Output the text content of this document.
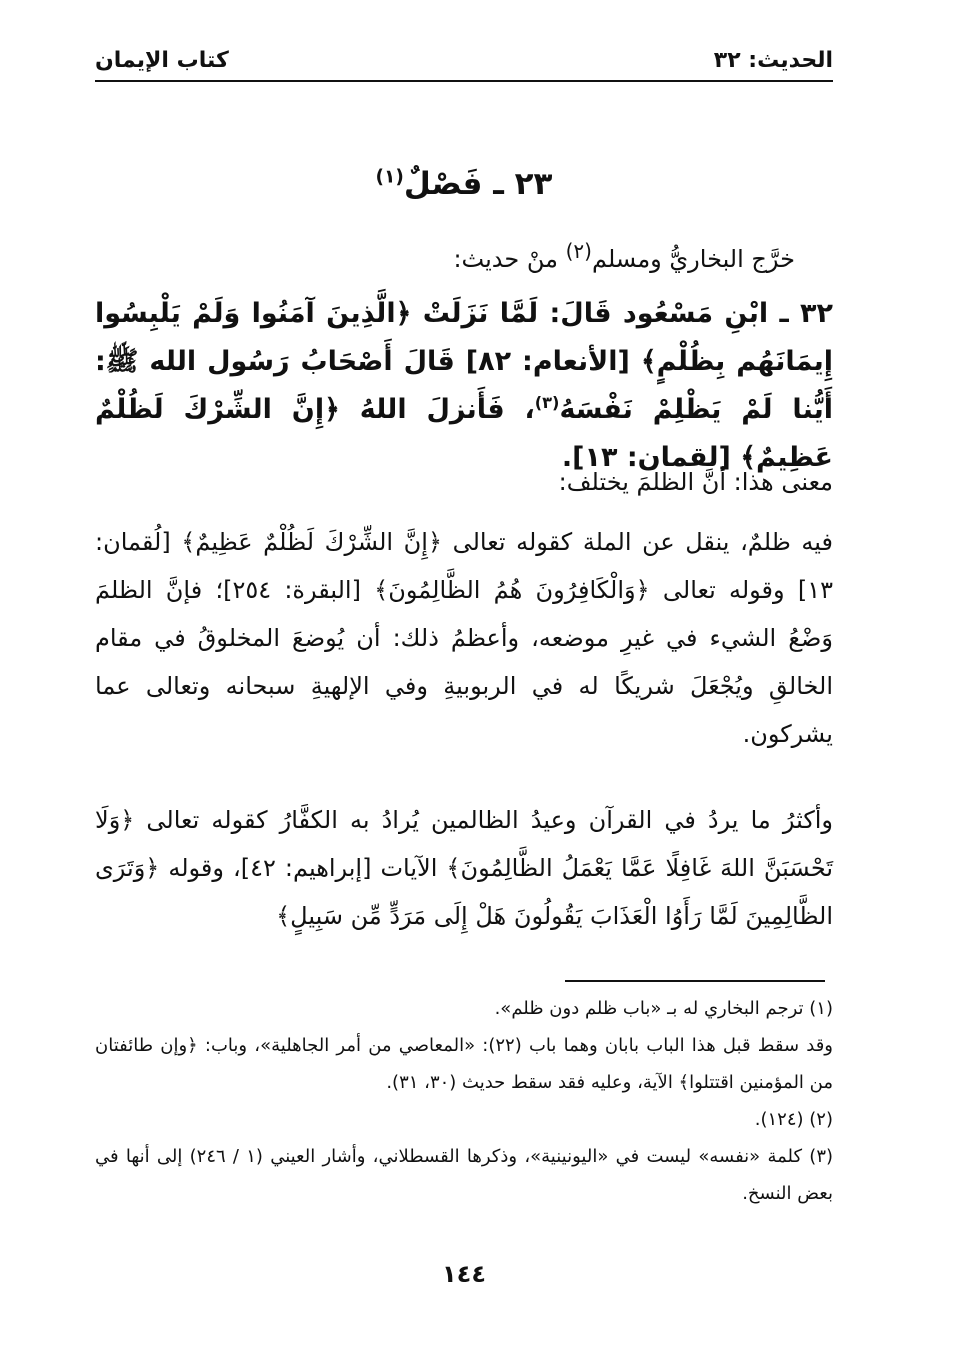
كتاب الإيمان	الحديث: ٣٢
٢٣ ـ فَصْلٌ$^{(١)}$
خرَّج البخاريُّ ومسلم$^{(٢)}$ منْ حديث:
٣٢ ـ ابْنِ مَسْعُود قَالَ: لَمَّا نَزَلَتْ ﴿الَّذِينَ آمَنُوا وَلَمْ يَلْبِسُوا إِيمَانَهُم بِظُلْمٍ﴾ [الأنعام: ٨٢] قَالَ أَصْحَابُ رَسُول الله ﷺ: أَيُّنا لَمْ يَظْلِمْ نَفْسَهُ$^{(٣)}$، فَأَنزلَ اللهُ ﴿إِنَّ الشِّرْكَ لَظُلْمٌ عَظِيمٌ﴾ [لقمان: ١٣].
معنى هذا: أنَّ الظلمَ يختلف:
فيه ظلمٌ، ينقل عن الملة كقوله تعالى ﴿إِنَّ الشِّرْكَ لَظُلْمٌ عَظِيمٌ﴾ [لُقمان: ١٣] وقوله تعالى ﴿وَالْكَافِرُونَ هُمُ الظَّالِمُونَ﴾ [البقرة: ٢٥٤]؛ فإنَّ الظلمَ وَضْعُ الشيء في غيرِ موضعه، وأعظمُ ذلك: أن يُوضعَ المخلوقُ في مقام الخالقِ ويُجْعَلَ شريكًا له في الربوبيةِ وفي الإلهيةِ سبحانه وتعالى عما يشركون.
وأكثرُ ما يردُ في القرآن وعيدُ الظالمين يُرادُ به الكفَّارُ كقوله تعالى ﴿وَلَا تَحْسَبَنَّ اللهَ غَافِلًا عَمَّا يَعْمَلُ الظَّالِمُونَ﴾ الآيات [إبراهيم: ٤٢]، وقوله ﴿وَتَرَى الظَّالِمِينَ لَمَّا رَأَوُا الْعَذَابَ يَقُولُونَ هَلْ إِلَى مَرَدٍّ مِّن سَبِيلٍ﴾

(١) ترجم البخاري له بـ «باب ظلم دون ظلم».

وقد سقط قبل هذا الباب بابان وهما باب (٢٢): «المعاصي من أمر الجاهلية»، وباب: ﴿وإن طائفتان من المؤمنين اقتتلوا﴾ الآية، وعليه فقد سقط حديث (٣٠، ٣١).

(٢) (١٢٤).

(٣) كلمة «نفسه» ليست في «اليونينية»، وذكرها القسطلاني، وأشار العيني (١ / ٢٤٦) إلى أنها في بعض النسخ.

١٤٤
